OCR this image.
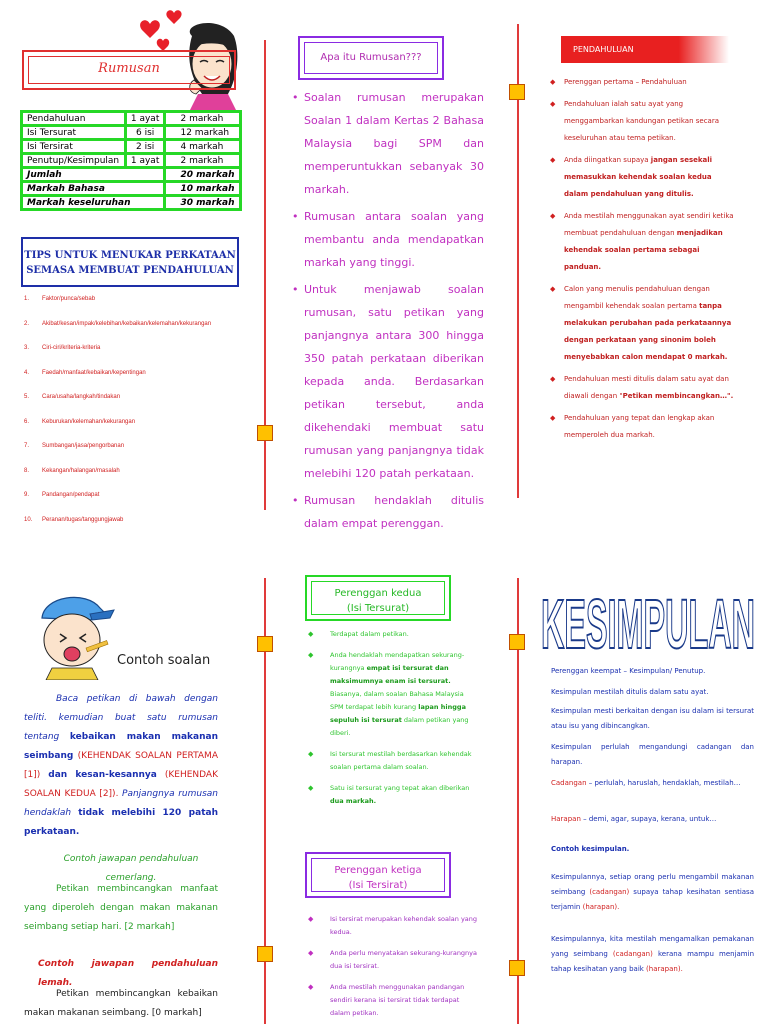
Rumusan
Pendahuluan	1 ayat	2 markah
Isi Tersurat	6 isi	12 markah
Isi Tersirat	2 isi	4 markah
Penutup/Kesimpulan	1 ayat	2 markah
Jumlah		20 markah
Markah Bahasa		10 markah
Markah keseluruhan		30 markah
TIPS UNTUK MENUKAR PERKATAAN
SEMASA MEMBUAT PENDAHULUAN
1. Faktor/punca/sebab
2. Akibat/kesan/impak/kelebihan/kebaikan/kelemahan/kekurangan
3. Ciri-ciri/kriteria-kriteria
4. Faedah/manfaat/kebaikan/kepentingan
5. Cara/usaha/langkah/tindakan
6. Keburukan/kelemahan/kekurangan
7. Sumbangan/jasa/pengorbanan
8. Kekangan/halangan/masalah
9. Pandangan/pendapat
10. Peranan/tugas/tanggungjawab
Apa itu Rumusan???
• Soalan rumusan merupakan Soalan 1 dalam Kertas 2 Bahasa Malaysia bagi SPM dan memperuntukkan sebanyak 30 markah.
• Rumusan antara soalan yang membantu anda mendapatkan markah yang tinggi.
• Untuk menjawab soalan rumusan, satu petikan yang panjangnya antara 300 hingga 350 patah perkataan diberikan kepada anda. Berdasarkan petikan tersebut, anda dikehendaki membuat satu rumusan yang panjangnya tidak melebihi 120 patah perkataan.
• Rumusan hendaklah ditulis dalam empat perenggan.
PENDAHULUAN
◆ Perenggan pertama – Pendahuluan
◆ Pendahuluan ialah satu ayat yang menggambarkan kandungan petikan secara keseluruhan atau tema petikan.
◆ Anda diingatkan supaya jangan sesekali memasukkan kehendak soalan kedua dalam pendahuluan yang ditulis.
◆ Anda mestilah menggunakan ayat sendiri ketika membuat pendahuluan dengan menjadikan kehendak soalan pertama sebagai panduan.
◆ Calon yang menulis pendahuluan dengan mengambil kehendak soalan pertama tanpa melakukan perubahan pada perkataannya dengan perkataan yang sinonim boleh menyebabkan calon mendapat 0 markah.
◆ Pendahuluan mesti ditulis dalam satu ayat dan diawali dengan "Petikan membincangkan…".
◆ Pendahuluan yang tepat dan lengkap akan memperoleh dua markah.
Contoh soalan
Baca petikan di bawah dengan teliti. kemudian buat satu rumusan tentang kebaikan makan makanan seimbang (KEHENDAK SOALAN PERTAMA [1]) dan kesan-kesannya (KEHENDAK SOALAN KEDUA [2]). Panjangnya rumusan hendaklah tidak melebihi 120 patah perkataan.
Contoh jawapan pendahuluan cemerlang.
Petikan membincangkan manfaat yang diperoleh dengan makan makanan seimbang setiap hari. [2 markah]
Contoh jawapan pendahuluan lemah.
Petikan membincangkan kebaikan makan makanan seimbang. [0 markah]
Perenggan kedua
(Isi Tersurat)
◆ Terdapat dalam petikan.
◆ Anda hendaklah mendapatkan sekurang-kurangnya empat isi tersurat dan maksimumnya enam isi tersurat. Biasanya, dalam soalan Bahasa Malaysia SPM terdapat lebih kurang lapan hingga sepuluh isi tersurat dalam petikan yang diberi.
◆ Isi tersurat mestilah berdasarkan kehendak soalan pertama dalam soalan.
◆ Satu isi tersurat yang tepat akan diberikan dua markah.
Perenggan ketiga
(Isi Tersirat)
◆ Isi tersirat merupakan kehendak soalan yang kedua.
◆ Anda perlu menyatakan sekurang-kurangnya dua isi tersirat.
◆ Anda mestilah menggunakan pandangan sendiri kerana isi tersirat tidak terdapat dalam petikan.
KESIMPULAN
Perenggan keempat – Kesimpulan/ Penutup.
Kesimpulan mestilah ditulis dalam satu ayat.
Kesimpulan mesti berkaitan dengan isu dalam isi tersurat atau isu yang dibincangkan.
Kesimpulan perlulah mengandungi cadangan dan harapan.
Cadangan – perlulah, haruslah, hendaklah, mestilah…
Harapan – demi, agar, supaya, kerana, untuk…
Contoh kesimpulan.
Kesimpulannya, setiap orang perlu mengambil makanan seimbang (cadangan) supaya tahap kesihatan sentiasa terjamin (harapan).
Kesimpulannya, kita mestilah mengamalkan pemakanan yang seimbang (cadangan) kerana mampu menjamin tahap kesihatan yang baik (harapan).
